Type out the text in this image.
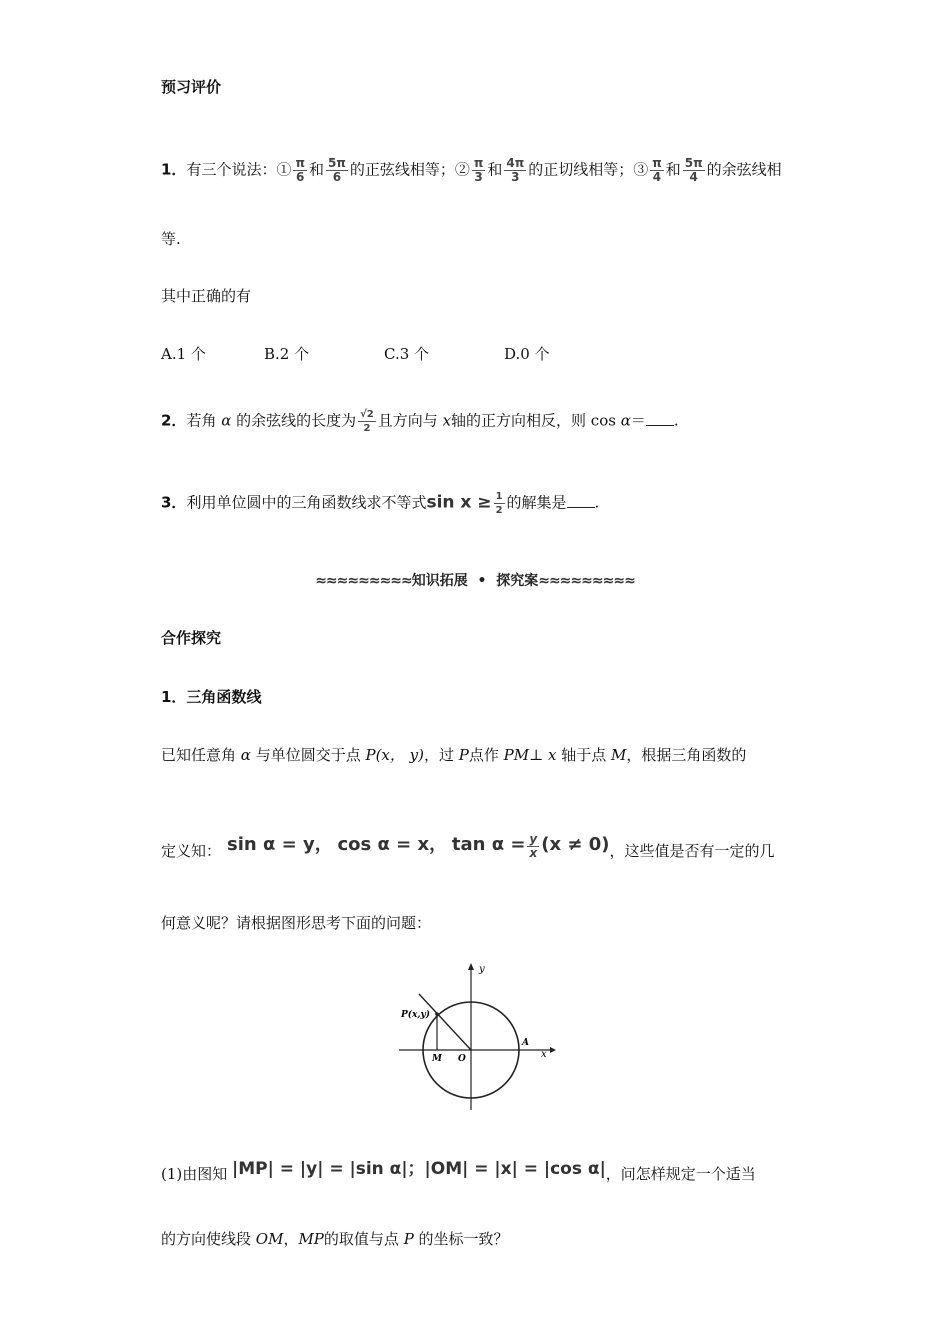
预习评价
1．有三个说法：① $\frac{\pi}{6}$ 和 $\frac{5\pi}{6}$ 的正弦线相等；② $\frac{\pi}{3}$ 和 $\frac{4\pi}{3}$ 的正切线相等；③ $\frac{\pi}{4}$ 和 $\frac{5\pi}{4}$ 的余弦线相
等.
其中正确的有
A.1 个	B.2 个	C.3 个	D.0 个
2．若角 α 的余弦线的长度为 $\frac{√2}{2}$ 且方向与 x轴的正方向相反，则 cos α＝ .
3．利用单位圆中的三角函数线求不等式$\sin x \ge \frac{1}{2}$ 的解集是 .
≈≈≈≈≈≈≈≈≈知识拓展 • 探究案≈≈≈≈≈≈≈≈≈
合作探究
1．三角函数线
已知任意角 α 与单位圆交于点 P(x， y)，过 P点作 PM⊥ x 轴于点 M，根据三角函数的
定义知： sin α = y， cos α = x， $\tan \alpha = \frac{y}{x} (x \ne 0)$，这些值是否有一定的几
何意义呢？请根据图形思考下面的问题：
y
x
P(x,y)
M O
A
(1)由图知 |MP| = |y| = |sin α|；|OM| = |x| = |cos α|，问怎样规定一个适当
的方向使线段 OM，MP的取值与点 P 的坐标一致？
